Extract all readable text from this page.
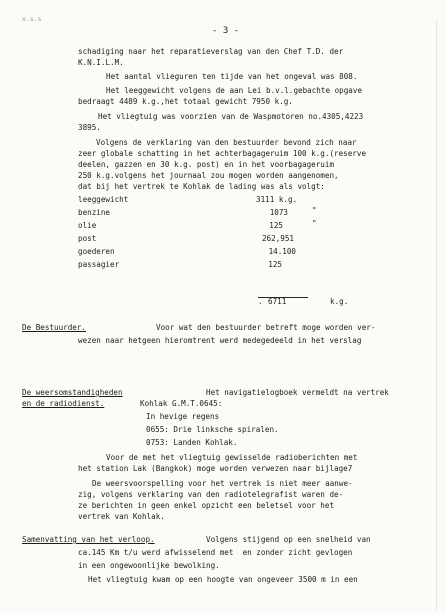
x.s.s
- 3 -
schadiging naar het reparatieverslag van den Chef T.D. der
K.N.I.L.M.
Het aantal vlieguren ten tijde van het ongeval was 808.
Het leeggewicht volgens de aan Lei b.v.l.gebachte opgave
bedraagt 4489 k.g.,het totaal gewicht 7950 k.g.
Het vliegtuig was voorzien van de Waspmotoren no.4305,4223
3895.
Volgens de verklaring van den bestuurder bevond zich naar
zeer globale schatting in het achterbagageruim 100 k.g.(reserve
deelen, gazzen en 30 k.g. post) en in het voorbagageruim
250 k.g.volgens het journaal zou mogen worden aangenomen,
dat bij het vertrek te Kohlak de lading was als volgt:
leeggewicht	3111 k.g.
benzine	1073	"
olie	125	"
post	262,951
goederen	14.100
passagier	125
. 6711	k.g.
De Bestuurder.	Voor wat den bestuurder betreft moge worden ver-
wezen naar hetgeen hieromtrent werd medegedeeld in het verslag
De weersomstandigheden
en de radiodienst.
Het navigatielogboek vermeldt na vertrek
Kohlak G.M.T.0645:
In hevige regens
0655: Drie linksche spiralen.
0753: Landen Kohlak.
Voor de met het vliegtuig gewisselde radioberichten met
het station Lak (Bangkok) moge worden verwezen naar bijlage7
De weersvoorspelling voor het vertrek is niet meer aanwe-
zig, volgens verklaring van den radiotelegrafist waren de-
ze berichten in geen enkel opzicht een beletsel voor het
vertrek van Kohlak.
Samenvatting van het verloop.	Volgens stijgend op een snelheid van
ca.145 Km t/u werd afwisselend met  en zonder zicht gevlogen
in een ongewoonlijke bewolking.
Het vliegtuig kwam op een hoogte van ongeveer 3500 m in een
